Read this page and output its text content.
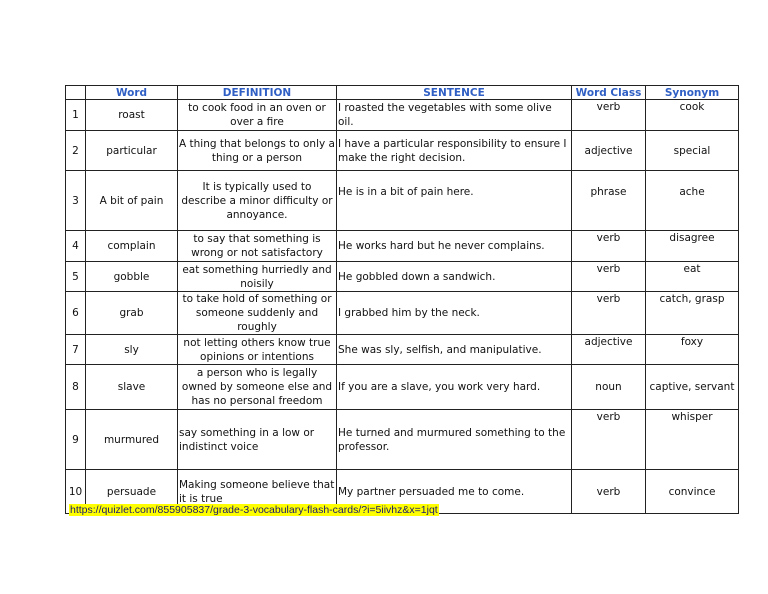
	Word	DEFINITION	SENTENCE	Word Class	Synonym
1	roast	to cook food in an oven or over a fire	I roasted the vegetables with some olive oil.	verb	cook
2	particular	A thing that belongs to only a thing or a person	I have a particular responsibility to ensure I make the right decision.	adjective	special
3	A bit of pain	It is typically used to describe a minor difficulty or annoyance.	He is in a bit of pain here.	phrase	ache
4	complain	to say that something is wrong or not satisfactory	He works hard but he never complains.	verb	disagree
5	gobble	eat something hurriedly and noisily	He gobbled down a sandwich.	verb	eat
6	grab	to take hold of something or someone suddenly and roughly	I grabbed him by the neck.	verb	catch, grasp
7	sly	not letting others know true opinions or intentions	She was sly, selfish, and manipulative.	adjective	foxy
8	slave	a person who is legally owned by someone else and has no personal freedom	If you are a slave, you work very hard.	noun	captive, servant
9	murmured	say something in a low or indistinct voice	He turned and murmured something to the professor.	verb	whisper
10	persuade	Making someone believe that it is true	My partner persuaded me to come.	verb	convince
https://quizlet.com/855905837/grade-3-vocabulary-flash-cards/?i=5iivhz&x=1jqt
